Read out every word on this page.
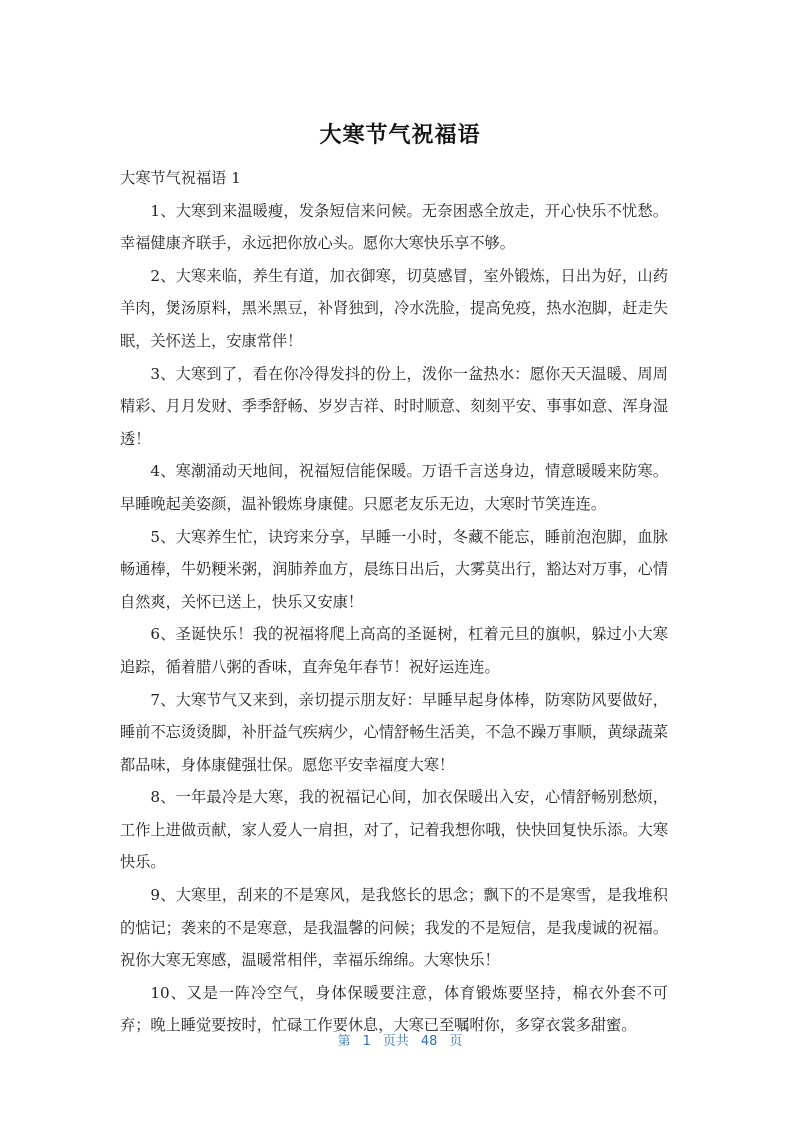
大寒节气祝福语

大寒节气祝福语 1

1、大寒到来温暖瘦，发条短信来问候。无奈困惑全放走，开心快乐不忧愁。幸福健康齐联手，永远把你放心头。愿你大寒快乐享不够。

2、大寒来临，养生有道，加衣御寒，切莫感冒，室外锻炼，日出为好，山药羊肉，煲汤原料，黑米黑豆，补肾独到，冷水洗脸，提高免疫，热水泡脚，赶走失眠，关怀送上，安康常伴！

3、大寒到了，看在你冷得发抖的份上，泼你一盆热水：愿你天天温暖、周周精彩、月月发财、季季舒畅、岁岁吉祥、时时顺意、刻刻平安、事事如意、浑身湿透！

4、寒潮涌动天地间，祝福短信能保暖。万语千言送身边，情意暖暖来防寒。早睡晚起美姿颜，温补锻炼身康健。只愿老友乐无边，大寒时节笑连连。

5、大寒养生忙，诀窍来分享，早睡一小时，冬藏不能忘，睡前泡泡脚，血脉畅通棒，牛奶粳米粥，润肺养血方，晨练日出后，大雾莫出行，豁达对万事，心情自然爽，关怀已送上，快乐又安康！

6、圣诞快乐！我的祝福将爬上高高的圣诞树，杠着元旦的旗帜，躲过小大寒追踪，循着腊八粥的香味，直奔兔年春节！祝好运连连。

7、大寒节气又来到，亲切提示朋友好：早睡早起身体棒，防寒防风要做好，睡前不忘烫烫脚，补肝益气疾病少，心情舒畅生活美，不急不躁万事顺，黄绿蔬菜都品味，身体康健强壮保。愿您平安幸福度大寒！

8、一年最冷是大寒，我的祝福记心间，加衣保暖出入安，心情舒畅别愁烦，工作上进做贡献，家人爱人一肩担，对了，记着我想你哦，快快回复快乐添。大寒快乐。

9、大寒里，刮来的不是寒风，是我悠长的思念；飘下的不是寒雪，是我堆积的惦记；袭来的不是寒意，是我温馨的问候；我发的不是短信，是我虔诚的祝福。祝你大寒无寒感，温暖常相伴，幸福乐绵绵。大寒快乐！

10、又是一阵冷空气，身体保暖要注意，体育锻炼要坚持，棉衣外套不可弃；晚上睡觉要按时，忙碌工作要休息，大寒已至嘱咐你，多穿衣裳多甜蜜。

第 1 页共 48 页
